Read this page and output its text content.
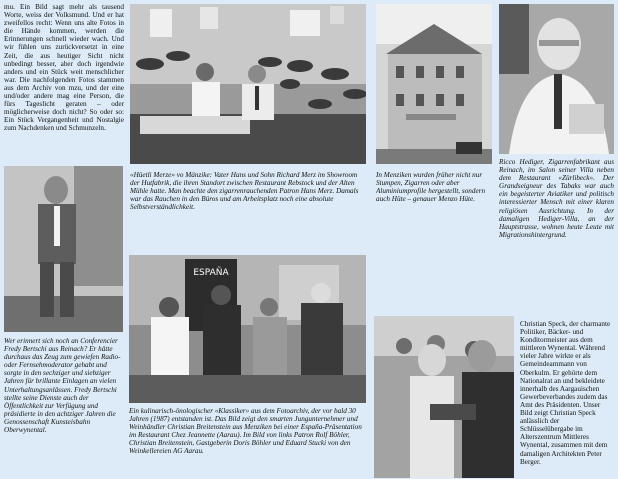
mu. Ein Bild sagt mehr als tausend Worte, weiss der Volksmund. Und er hat zweifellos recht: Wenn uns alte Fotos in die Hände kommen, werden die Erinnerungen schnell wieder wach. Und wir fühlen uns zurückversetzt in eine Zeit, die aus heutiger Sicht nicht unbedingt besser, aber doch irgendwie anders und ein Stück weit menschlicher war. Die nachfolgenden Fotos stammen aus dem Archiv von mzu, und der eine und/oder andere mag eine Person, die fürs Tageslicht geraten – oder möglicherweise doch nicht? So oder so: Ein Stück Vergangenheit und Nostalgie zum Nachdenken und Schmunzeln.

«Hüetli Merze» vo Mänzike: Vater Hans und Sohn Richard Merz im Showroom der Hutfabrik, die ihren Standort zwischen Restaurant Rebstock und der Alten Mühle hatte. Man beachte den zigarrenrauchenden Patron Hans Merz. Damals war das Rauchen in den Büros und am Arbeitsplatz noch eine absolute Selbstverständlichkeit.

In Menziken wurden früher nicht nur Stumpen, Zigarren oder aber Aluminiumprofile hergestellt, sondern auch Hüte – genauer Menzo Hüte.

Ricco Hediger, Zigarrenfabrikant aus Reinach, im Salon seiner Villa neben dem Restaurant «Zürlibeck». Der Grandseigneur des Tabaks war auch ein begeisterter Aviatiker und politisch interessierter Mensch mit einer klaren religiösen Ausrichtung. In der damaligen Hediger-Villa, an der Hauptstrasse, wohnen heute Leute mit Migrationshintergrund.

Wer erinnert sich noch an Conferencier Fredy Bertschi aus Reinach? Er hätte durchaus das Zeug zum gewiefen Radio- oder Fernsehmoderator gehabt und sorgte in den sechziger und siebziger Jahren für brillante Einlagen an vielen Unterhaltungsanlässen. Fredy Bertschi stellte seine Dienste auch der Öffentlichkeit zur Verfügung und präsidierte in den achtziger Jahren die Genossenschaft Kunsteisbahn Oberwynental.

ESPAÑA

Ein kulinarisch-önologischer «Klassiker» aus dem Fotoarchiv, der vor bald 30 Jahren (1987) entstanden ist. Das Bild zeigt den smarten Jungunternehmer und Weinhändler Christian Breitenstein aus Menziken bei einer España-Präsentation im Restaurant Chez Jeannette (Aarau). Im Bild von links Patron Rolf Böhler, Christian Breitenstein, Gastgeberin Doris Böhler und Eduard Stucki von den Weinkellereien AG Aarau.

Christian Speck, der charmante Politiker, Bäcker- und Konditormeister aus dem mittleren Wynental. Während vieler Jahre wirkte er als Gemeindeammann von Oberkulm. Er gehörte dem Nationalrat an und bekleidete innerhalb des Aargauischen Gewerbeverbandes zudem das Amt des Präsidenten. Unser Bild zeigt Christian Speck anlässlich der Schlüsselübergabe im Alterszentrum Mittleres Wynental, zusammen mit dem damaligen Architekten Peter Berger.
